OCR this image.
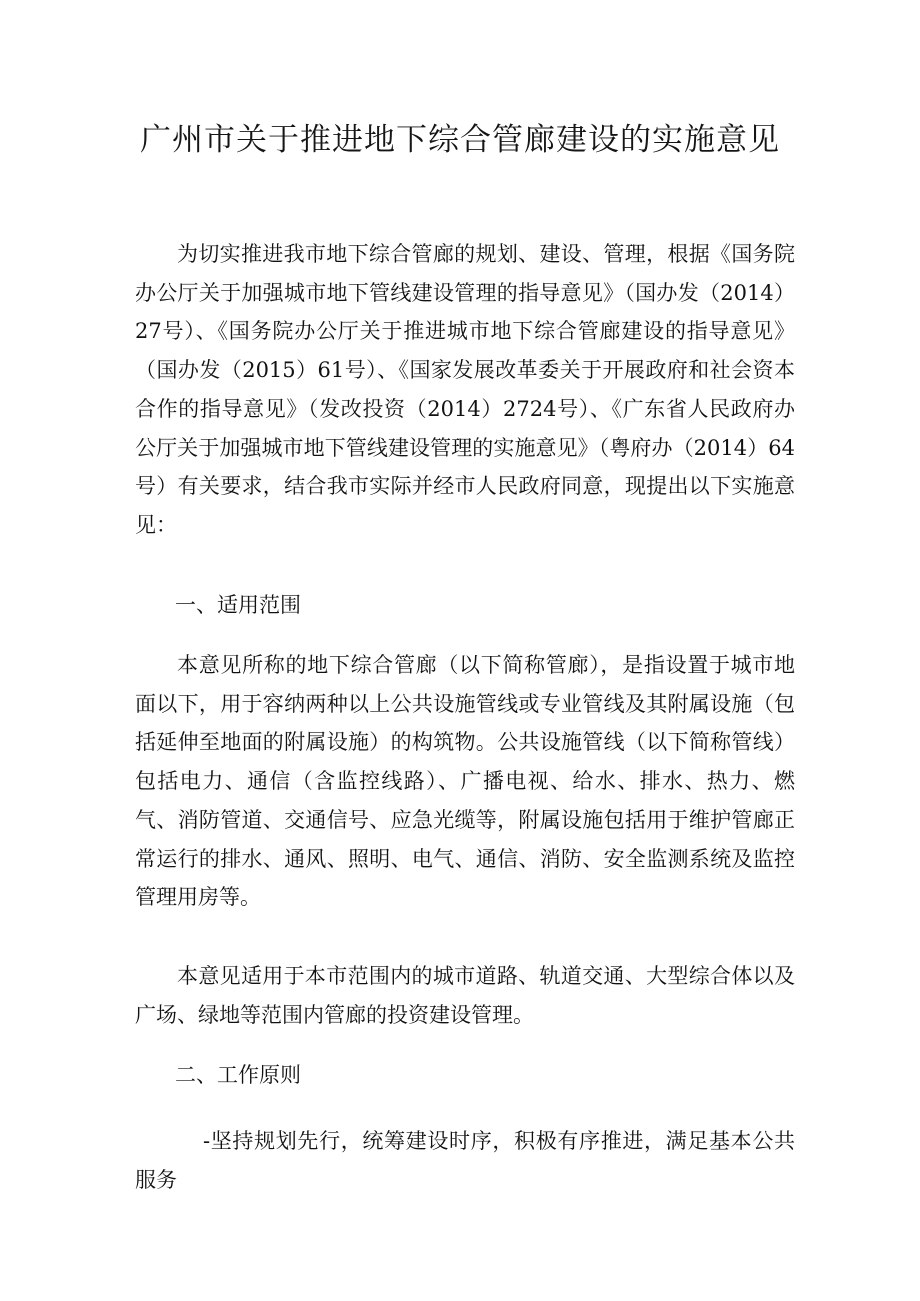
广州市关于推进地下综合管廊建设的实施意见

为切实推进我市地下综合管廊的规划、建设、管理，根据《国务院办公厅关于加强城市地下管线建设管理的指导意见》（国办发（2014）27号）、《国务院办公厅关于推进城市地下综合管廊建设的指导意见》（国办发（2015）61号）、《国家发展改革委关于开展政府和社会资本合作的指导意见》（发改投资（2014）2724号）、《广东省人民政府办公厅关于加强城市地下管线建设管理的实施意见》（粤府办（2014）64号）有关要求，结合我市实际并经市人民政府同意，现提出以下实施意见：

一、适用范围

本意见所称的地下综合管廊（以下简称管廊），是指设置于城市地面以下，用于容纳两种以上公共设施管线或专业管线及其附属设施（包括延伸至地面的附属设施）的构筑物。公共设施管线（以下简称管线）包括电力、通信（含监控线路）、广播电视、给水、排水、热力、燃气、消防管道、交通信号、应急光缆等，附属设施包括用于维护管廊正常运行的排水、通风、照明、电气、通信、消防、安全监测系统及监控管理用房等。

本意见适用于本市范围内的城市道路、轨道交通、大型综合体以及广场、绿地等范围内管廊的投资建设管理。

二、工作原则

-坚持规划先行，统筹建设时序，积极有序推进，满足基本公共服务
